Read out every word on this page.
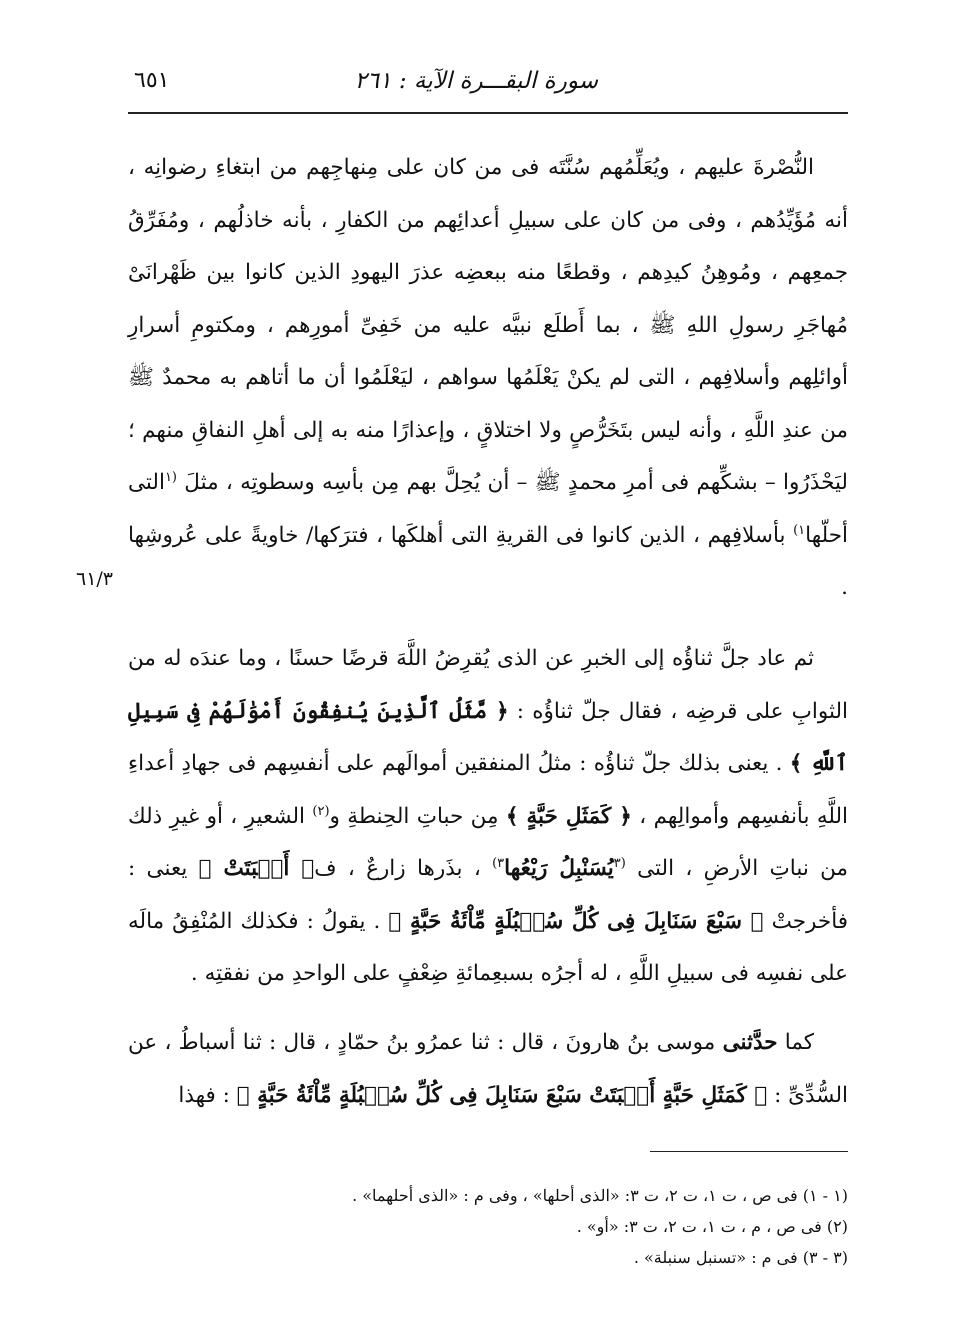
سورة البقـــرة الآية : ٢٦١
٦٥١
٦١/٣

النُّصْرةَ عليهم ، ويُعَلِّمُهم سُنَّتَه فى من كان على مِنهاجِهم من ابتغاءِ رضوانِه ، أنه مُؤَيِّدُهم ، وفى من كان على سبيلِ أعدائِهم من الكفارِ ، بأنه خاذلُهم ، ومُفَرِّقُ جمعِهم ، ومُوهِنُ كيدِهم ، وقطعًا منه ببعضِه عذرَ اليهودِ الذين كانوا بين ظَهْرانَىْ مُهاجَرِ رسولِ اللهِ ﷺ ، بما أَطلَع نبيَّه عليه من خَفِىِّ أمورِهم ، ومكتومِ أسرارِ أوائلِهم وأسلافِهم ، التى لم يكنْ يَعْلَمُها سواهم ، ليَعْلَمُوا أن ما أتاهم به محمدٌ ﷺ من عندِ اللَّهِ ، وأنه ليس بتَخَرُّصٍ ولا اختلاقٍ ، وإعذارًا منه به إلى أهلِ النفاقِ منهم ؛ ليَحْذَرُوا – بشكِّهم فى أمرِ محمدٍ ﷺ – أن يُحِلَّ بهم مِن بأسِه وسطوتِه ، مثلَ $^{(١}$التى أحلّها$^{١)}$ بأسلافِهم ، الذين كانوا فى القريةِ التى أهلكَها ، فترَكها/ خاويةً على عُروشِها .

ثم عاد جلَّ ثناؤُه إلى الخبرِ عن الذى يُقرِضُ اللَّهَ قرضًا حسنًا ، وما عندَه له من الثوابِ على قرضِه ، فقال جلّ ثناؤُه : ﴿ مَّثَلُ ٱلَّذِينَ يُنفِقُونَ أَمْوَٰلَهُمْ فِى سَبِيلِ ٱللَّهِ ﴾ . يعنى بذلك جلّ ثناؤُه : مثلُ المنفقين أموالَهم على أنفسِهم فى جهادِ أعداءِ اللَّهِ بأنفسِهم وأموالِهم ، ﴿ كَمَثَلِ حَبَّةٍ ﴾ مِن حباتِ الحِنطةِ و$^{(٢)}$ الشعيرِ ، أو غيرِ ذلك من نباتِ الأرضِ ، التى $^{(٣}$يُسَنْبِلُ رَيْعُها$^{٣)}$ ، بذَرها زارعٌ ، ف﴿ أَنۢبَتَتْ ﴾ يعنى : فأخرجتْ ﴿ سَبْعَ سَنَابِلَ فِى كُلِّ سُنۢبُلَةٍ مِّاْئَةُ حَبَّةٍ ﴾ . يقولُ : فكذلك المُنْفِقُ مالَه على نفسِه فى سبيلِ اللَّهِ ، له أجرُه بسبعِمائةِ ضِعْفٍ على الواحدِ من نفقتِه .

كما حدَّثنى موسى بنُ هارونَ ، قال : ثنا عمرُو بنُ حمّادٍ ، قال : ثنا أسباطُ ، عن السُّدِّىِّ : ﴿ كَمَثَلِ حَبَّةٍ أَنۢبَتَتْ سَبْعَ سَنَابِلَ فِى كُلِّ سُنۢبُلَةٍ مِّاْئَةُ حَبَّةٍ ﴾ : فهذا

(١ - ١) فى ص ، ت ١، ت ٢، ت ٣: «الذى أحلها» ، وفى م : «الذى أحلهما» .

(٢) فى ص ، م ، ت ١، ت ٢، ت ٣: «أو» .

(٣ - ٣) فى م : «تسنبل سنبلة» .
